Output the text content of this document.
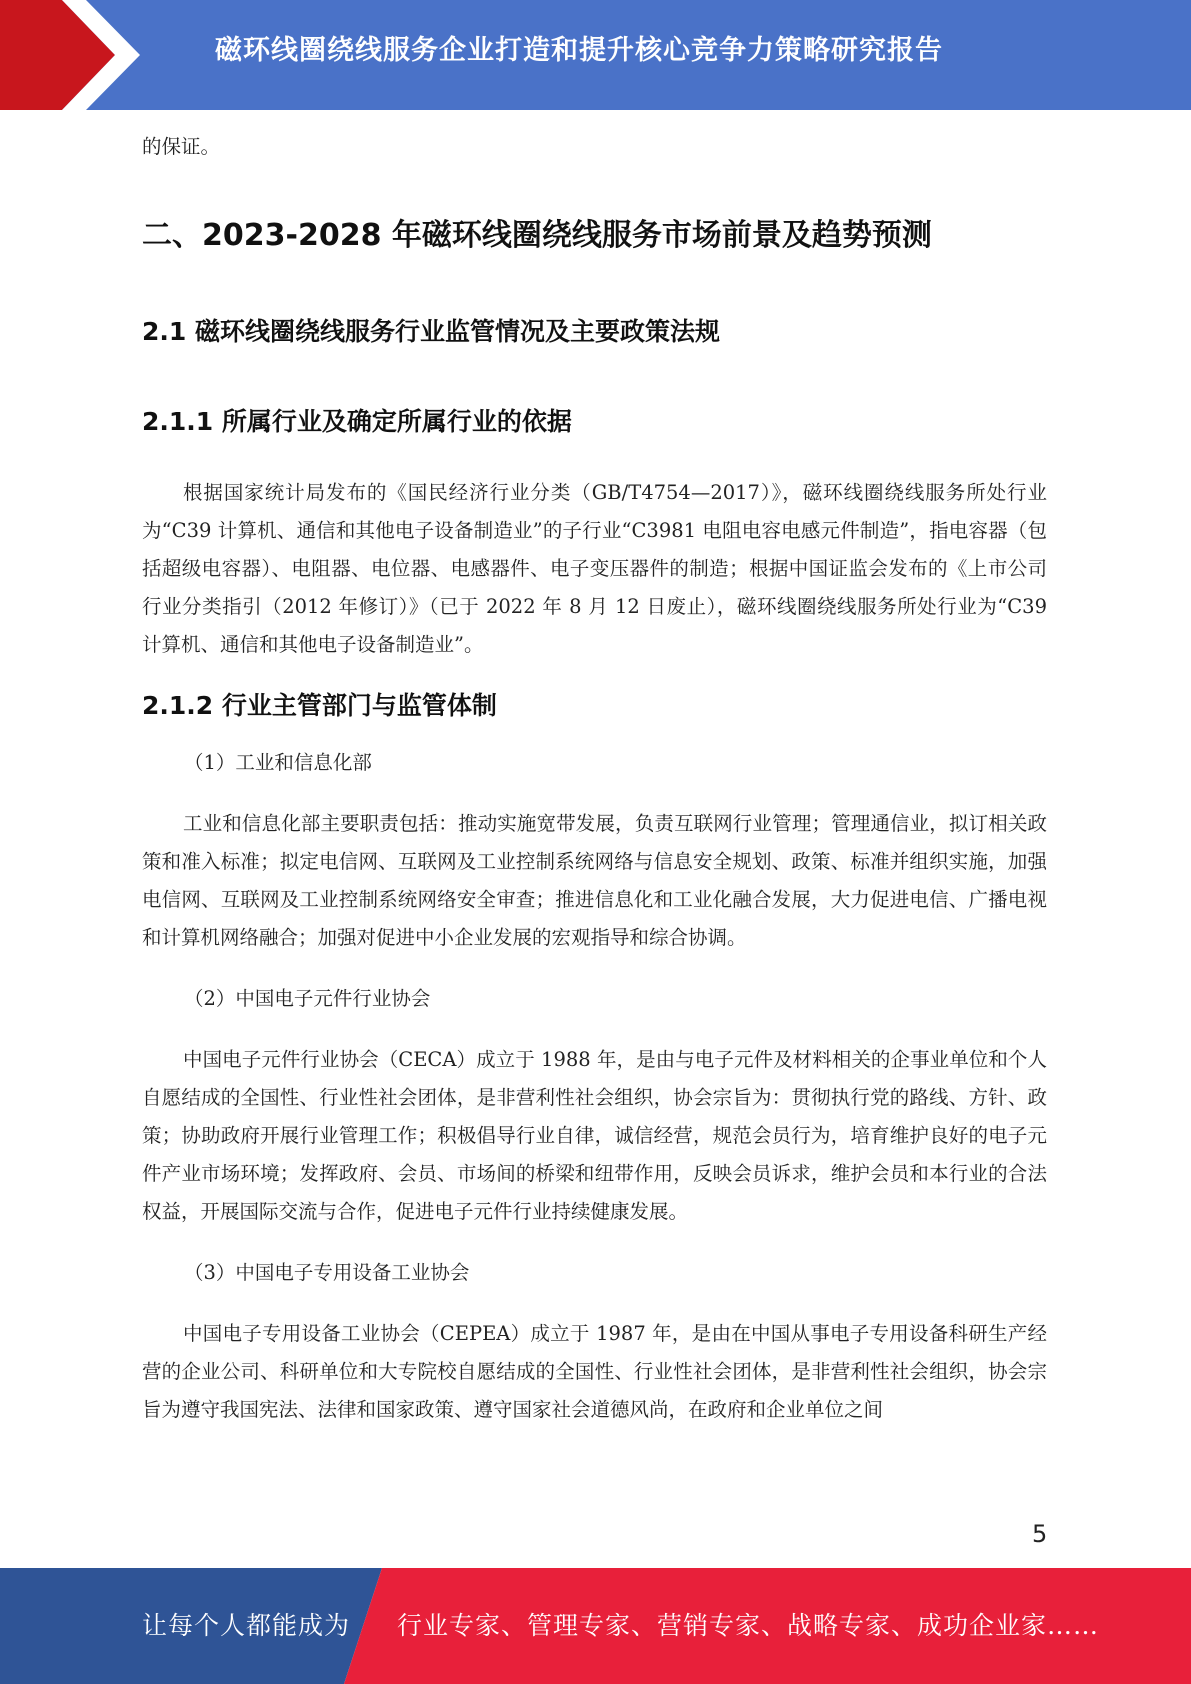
磁环线圈绕线服务企业打造和提升核心竞争力策略研究报告

的保证。

二、2023-2028 年磁环线圈绕线服务市场前景及趋势预测
2.1 磁环线圈绕线服务行业监管情况及主要政策法规
2.1.1 所属行业及确定所属行业的依据

根据国家统计局发布的《国民经济行业分类（GB/T4754—2017）》，磁环线圈绕线服务所处行业为“C39 计算机、通信和其他电子设备制造业”的子行业“C3981 电阻电容电感元件制造”，指电容器（包括超级电容器）、电阻器、电位器、电感器件、电子变压器件的制造；根据中国证监会发布的《上市公司行业分类指引（2012 年修订）》（已于 2022 年 8 月 12 日废止），磁环线圈绕线服务所处行业为“C39 计算机、通信和其他电子设备制造业”。

2.1.2 行业主管部门与监管体制

（1）工业和信息化部

工业和信息化部主要职责包括：推动实施宽带发展，负责互联网行业管理；管理通信业，拟订相关政策和准入标准；拟定电信网、互联网及工业控制系统网络与信息安全规划、政策、标准并组织实施，加强电信网、互联网及工业控制系统网络安全审查；推进信息化和工业化融合发展，大力促进电信、广播电视和计算机网络融合；加强对促进中小企业发展的宏观指导和综合协调。

（2）中国电子元件行业协会

中国电子元件行业协会（CECA）成立于 1988 年，是由与电子元件及材料相关的企事业单位和个人自愿结成的全国性、行业性社会团体，是非营利性社会组织，协会宗旨为：贯彻执行党的路线、方针、政策；协助政府开展行业管理工作；积极倡导行业自律，诚信经营，规范会员行为，培育维护良好的电子元件产业市场环境；发挥政府、会员、市场间的桥梁和纽带作用，反映会员诉求，维护会员和本行业的合法权益，开展国际交流与合作，促进电子元件行业持续健康发展。

（3）中国电子专用设备工业协会

中国电子专用设备工业协会（CEPEA）成立于 1987 年，是由在中国从事电子专用设备科研生产经营的企业公司、科研单位和大专院校自愿结成的全国性、行业性社会团体，是非营利性社会组织，协会宗旨为遵守我国宪法、法律和国家政策、遵守国家社会道德风尚，在政府和企业单位之间

5
让每个人都能成为 行业专家、管理专家、营销专家、战略专家、成功企业家……
